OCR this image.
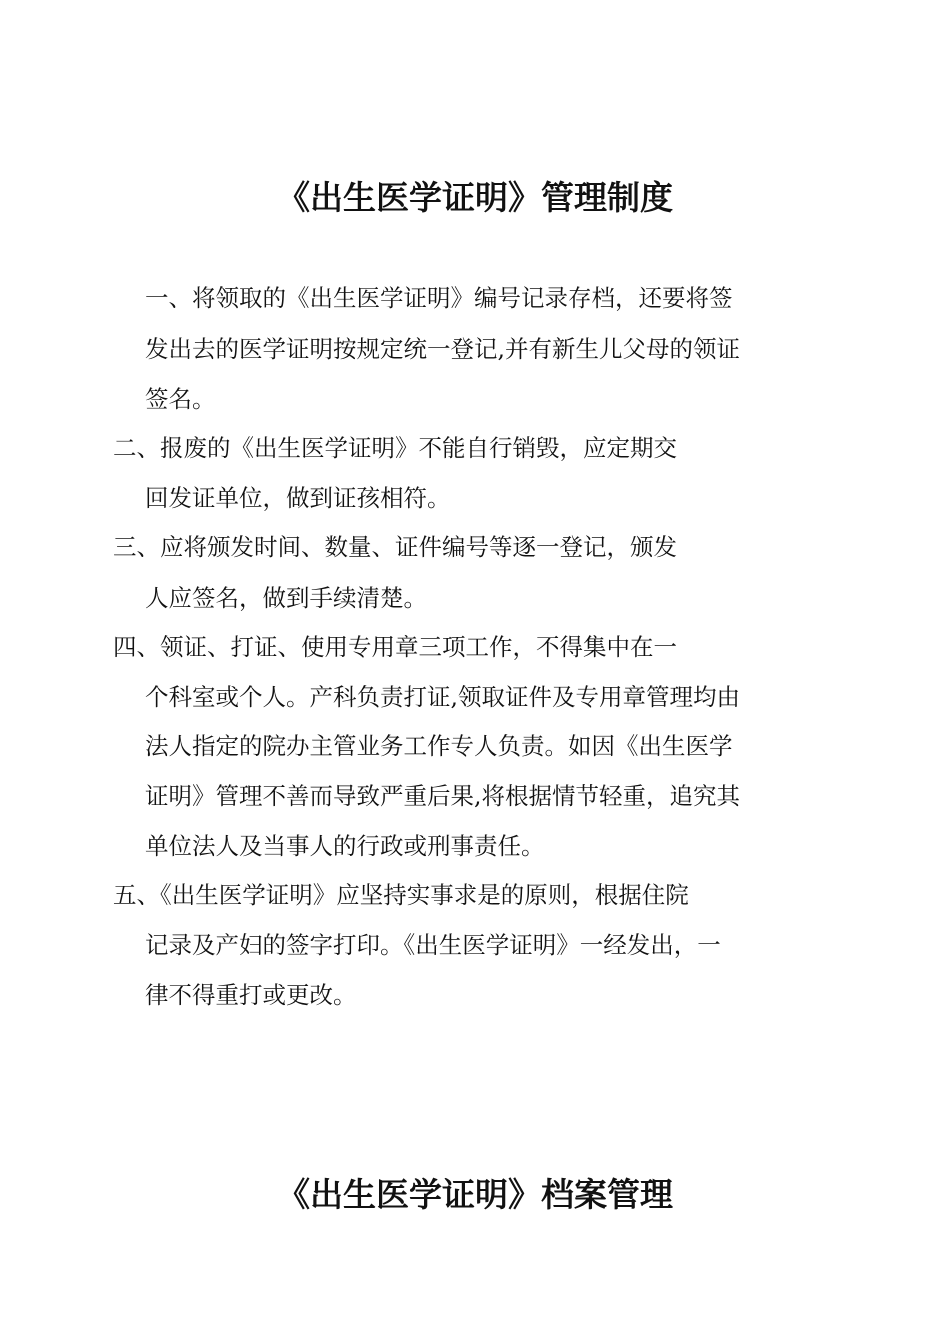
《出生医学证明》管理制度

一、将领取的《出生医学证明》编号记录存档，还要将签

发出去的医学证明按规定统一登记,并有新生儿父母的领证

签名。

二、报废的《出生医学证明》不能自行销毁，应定期交

回发证单位，做到证孩相符。

三、应将颁发时间、数量、证件编号等逐一登记，颁发

人应签名，做到手续清楚。

四、领证、打证、使用专用章三项工作，不得集中在一

个科室或个人。产科负责打证,领取证件及专用章管理均由

法人指定的院办主管业务工作专人负责。如因《出生医学

证明》管理不善而导致严重后果,将根据情节轻重，追究其

单位法人及当事人的行政或刑事责任。

五、《出生医学证明》应坚持实事求是的原则，根据住院

记录及产妇的签字打印。《出生医学证明》一经发出，一

律不得重打或更改。

《出生医学证明》档案管理
